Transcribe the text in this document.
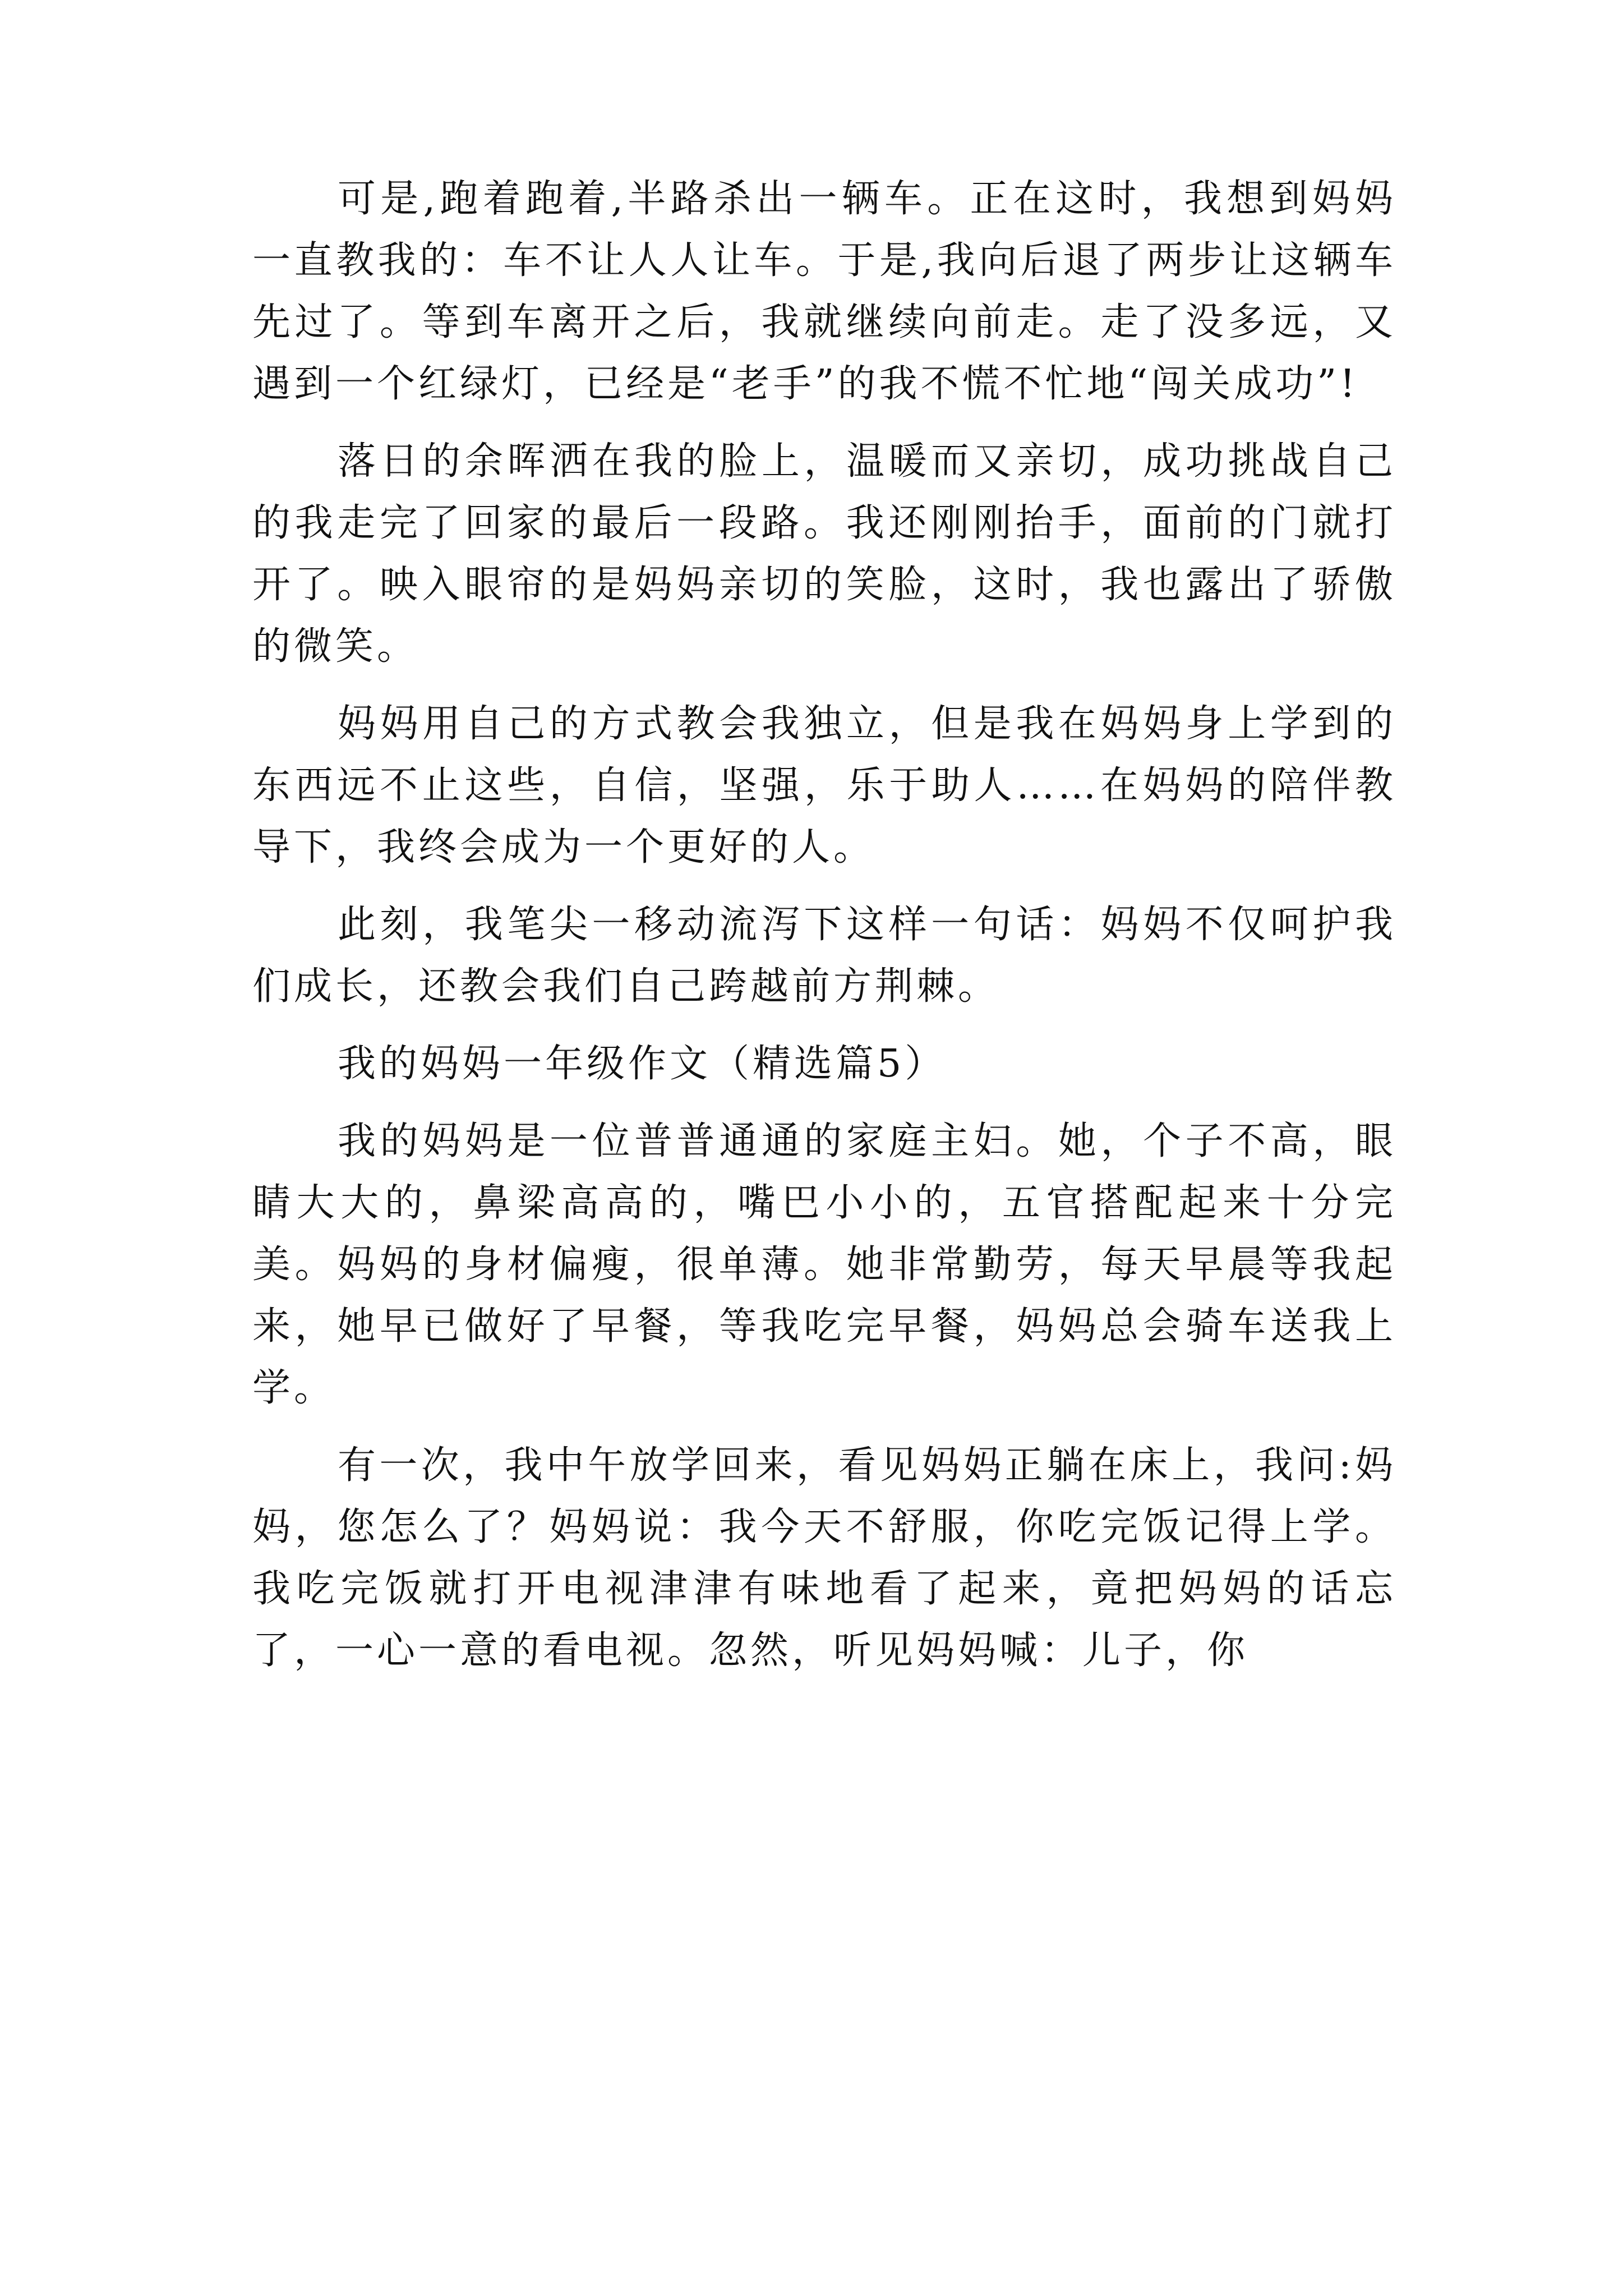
可是,跑着跑着,半路杀出一辆车。正在这时，我想到妈妈一直教我的：车不让人人让车。于是,我向后退了两步让这辆车先过了。等到车离开之后，我就继续向前走。走了没多远，又遇到一个红绿灯，已经是“老手”的我不慌不忙地“闯关成功”!

落日的余晖洒在我的脸上，温暖而又亲切，成功挑战自己的我走完了回家的最后一段路。我还刚刚抬手，面前的门就打开了。映入眼帘的是妈妈亲切的笑脸，这时，我也露出了骄傲的微笑。

妈妈用自己的方式教会我独立，但是我在妈妈身上学到的东西远不止这些，自信，坚强，乐于助人……在妈妈的陪伴教导下，我终会成为一个更好的人。

此刻，我笔尖一移动流泻下这样一句话：妈妈不仅呵护我们成长，还教会我们自己跨越前方荆棘。

我的妈妈一年级作文（精选篇5）

我的妈妈是一位普普通通的家庭主妇。她，个子不高，眼睛大大的，鼻梁高高的，嘴巴小小的，五官搭配起来十分完美。妈妈的身材偏瘦，很单薄。她非常勤劳，每天早晨等我起来，她早已做好了早餐，等我吃完早餐，妈妈总会骑车送我上学。

有一次，我中午放学回来，看见妈妈正躺在床上，我问:妈妈，您怎么了？妈妈说：我今天不舒服，你吃完饭记得上学。我吃完饭就打开电视津津有味地看了起来，竟把妈妈的话忘了，一心一意的看电视。忽然，听见妈妈喊：儿子，你
